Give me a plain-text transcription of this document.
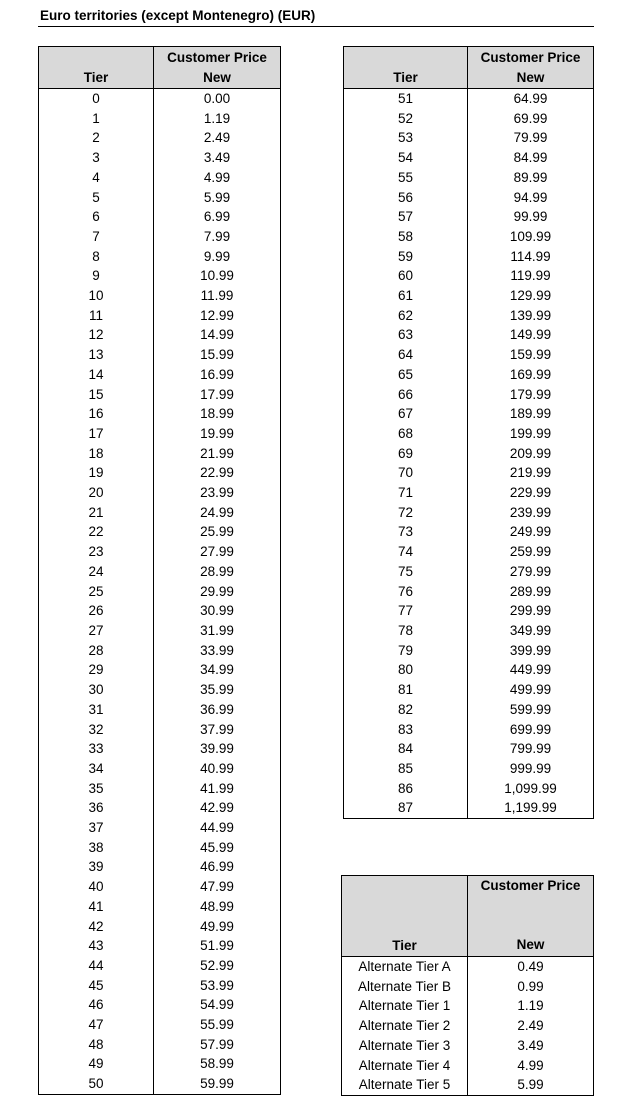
Euro territories (except Montenegro) (EUR)
Tier	Customer Price
New

0	0.00
1	1.19
2	2.49
3	3.49
4	4.99
5	5.99
6	6.99
7	7.99
8	9.99
9	10.99
10	11.99
11	12.99
12	14.99
13	15.99
14	16.99
15	17.99
16	18.99
17	19.99
18	21.99
19	22.99
20	23.99
21	24.99
22	25.99
23	27.99
24	28.99
25	29.99
26	30.99
27	31.99
28	33.99
29	34.99
30	35.99
31	36.99
32	37.99
33	39.99
34	40.99
35	41.99
36	42.99
37	44.99
38	45.99
39	46.99
40	47.99
41	48.99
42	49.99
43	51.99
44	52.99
45	53.99
46	54.99
47	55.99
48	57.99
49	58.99
50	59.99
Tier	Customer Price
New

51	64.99
52	69.99
53	79.99
54	84.99
55	89.99
56	94.99
57	99.99
58	109.99
59	114.99
60	119.99
61	129.99
62	139.99
63	149.99
64	159.99
65	169.99
66	179.99
67	189.99
68	199.99
69	209.99
70	219.99
71	229.99
72	239.99
73	249.99
74	259.99
75	279.99
76	289.99
77	299.99
78	349.99
79	399.99
80	449.99
81	499.99
82	599.99
83	699.99
84	799.99
85	999.99
86	1,099.99
87	1,199.99
Tier	Customer Price
New

Alternate Tier A	0.49
Alternate Tier B	0.99
Alternate Tier 1	1.19
Alternate Tier 2	2.49
Alternate Tier 3	3.49
Alternate Tier 4	4.99
Alternate Tier 5	5.99
